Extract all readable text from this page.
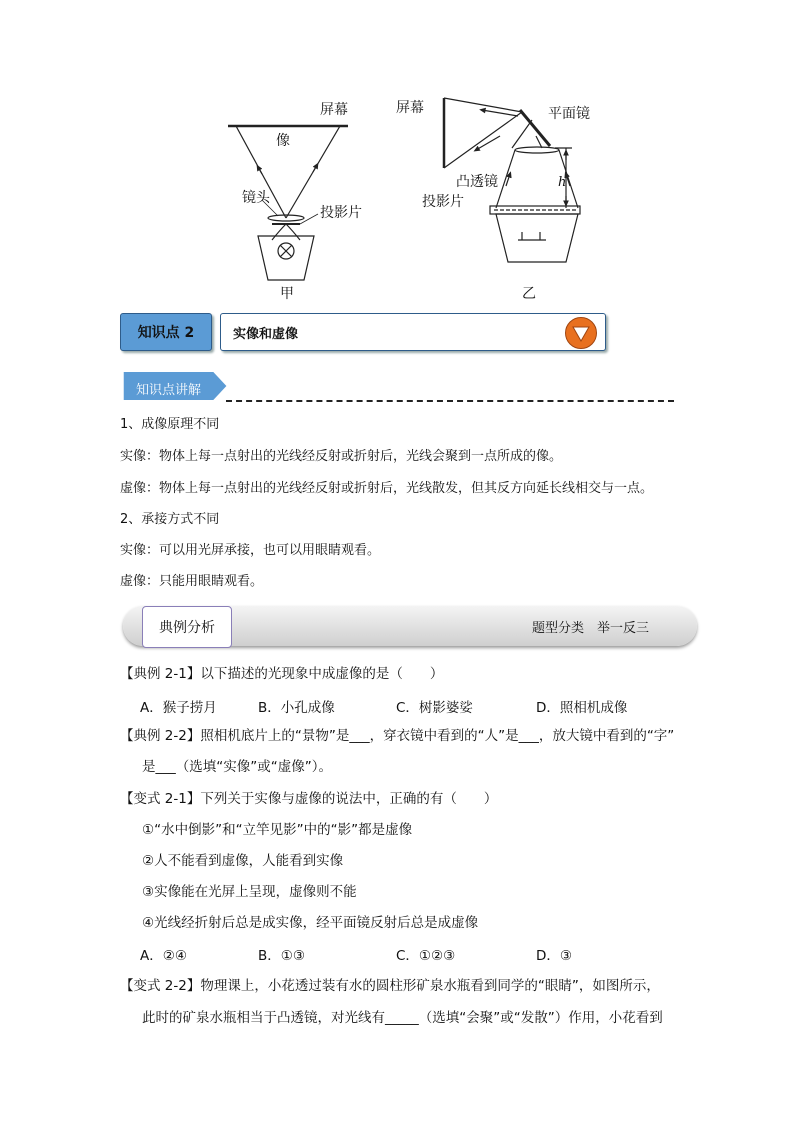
屏幕
像
镜头
投影片
甲
屏幕	平面镜
凸透镜	h
投影片
乙
知识点 2	实像和虚像
知识点讲解
1、成像原理不同
实像：物体上每一点射出的光线经反射或折射后，光线会聚到一点所成的像。
虚像：物体上每一点射出的光线经反射或折射后，光线散发，但其反方向延长线相交与一点。
2、承接方式不同
实像：可以用光屏承接，也可以用眼睛观看。
虚像：只能用眼睛观看。
典例分析	题型分类　举一反三
【典例 2-1】以下描述的光现象中成虚像的是（　　）
A．猴子捞月	B．小孔成像	C．树影婆娑	D．照相机成像
【典例 2-2】照相机底片上的“景物”是___，穿衣镜中看到的“人”是___，放大镜中看到的“字”
是___（选填“实像”或“虚像”）。
【变式 2-1】下列关于实像与虚像的说法中，正确的有（　　）
①“水中倒影”和“立竿见影”中的“影”都是虚像
②人不能看到虚像，人能看到实像
③实像能在光屏上呈现，虚像则不能
④光线经折射后总是成实像，经平面镜反射后总是成虚像
A．②④	B．①③	C．①②③	D．③
【变式 2-2】物理课上，小花透过装有水的圆柱形矿泉水瓶看到同学的“眼睛”，如图所示，
此时的矿泉水瓶相当于凸透镜，对光线有_____（选填“会聚”或“发散”）作用，小花看到
